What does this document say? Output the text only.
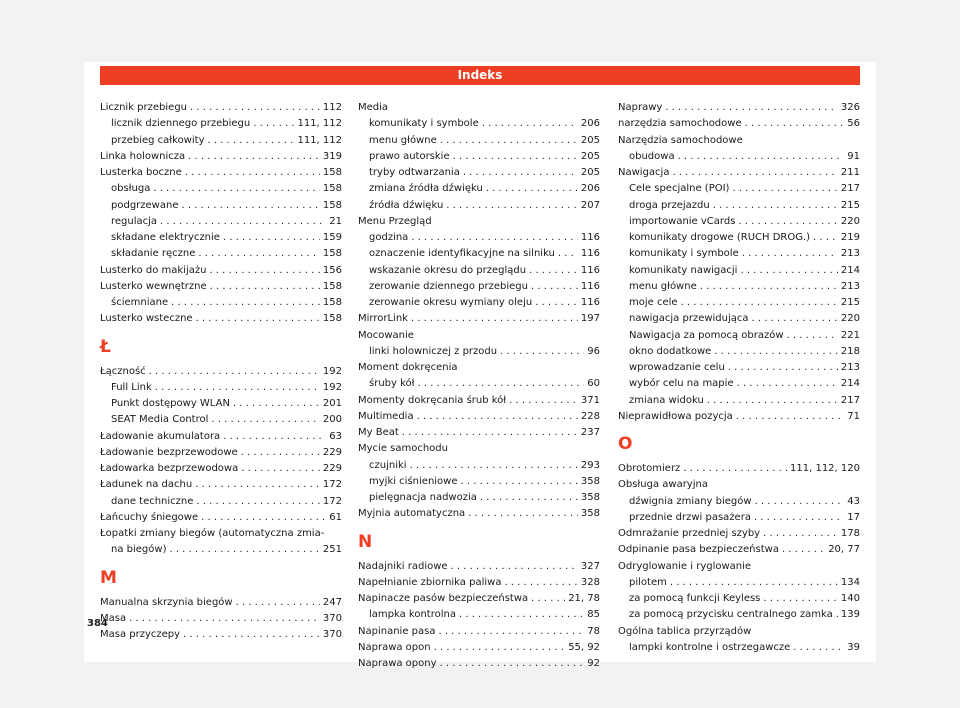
Indeks
Licznik przebiegu . . .	112
licznik dziennego przebiegu . . .	111, 112
przebieg całkowity . . .	111, 112
Linka holownicza . . .	319
Lusterka boczne . . .	158
obsługa . . .	158
podgrzewane . . .	158
regulacja . . .	21
składane elektrycznie . . .	159
składanie ręczne . . .	158
Lusterko do makijażu . . .	156
Lusterko wewnętrzne . . .	158
ściemniane . . .	158
Lusterko wsteczne . . .	158
Ł
Łączność . . .	192
Full Link . . .	192
Punkt dostępowy WLAN . . .	201
SEAT Media Control . . .	200
Ładowanie akumulatora . . .	63
Ładowanie bezprzewodowe . . .	229
Ładowarka bezprzewodowa . . .	229
Ładunek na dachu . . .	172
dane techniczne . . .	172
Łańcuchy śniegowe . . .	61
Łopatki zmiany biegów (automatyczna zmia-
na biegów) . . .	251
M
Manualna skrzynia biegów . . .	247
Masa . . .	370
Masa przyczepy . . .	370
Media
komunikaty i symbole . . .	206
menu główne . . .	205
prawo autorskie . . .	205
tryby odtwarzania . . .	205
zmiana źródła dźwięku . . .	206
źródła dźwięku . . .	207
Menu Przegląd
godzina . . .	116
oznaczenie identyfikacyjne na silniku . . .	116
wskazanie okresu do przeglądu . . .	116
zerowanie dziennego przebiegu . . .	116
zerowanie okresu wymiany oleju . . .	116
MirrorLink . . .	197
Mocowanie
linki holowniczej z przodu . . .	96
Moment dokręcenia
śruby kół . . .	60
Momenty dokręcania śrub kół . . .	371
Multimedia . . .	228
My Beat . . .	237
Mycie samochodu
czujniki . . .	293
myjki ciśnieniowe . . .	358
pielęgnacja nadwozia . . .	358
Myjnia automatyczna . . .	358
N
Nadajniki radiowe . . .	327
Napełnianie zbiornika paliwa . . .	328
Napinacze pasów bezpieczeństwa . . .	21, 78
lampka kontrolna . . .	85
Napinanie pasa . . .	78
Naprawa opon . . .	55, 92
Naprawa opony . . .	92
Naprawy . . .	326
narzędzia samochodowe . . .	56
Narzędzia samochodowe
obudowa . . .	91
Nawigacja . . .	211
Cele specjalne (POI) . . .	217
droga przejazdu . . .	215
importowanie vCards . . .	220
komunikaty drogowe (RUCH DROG.) . . .	219
komunikaty i symbole . . .	213
komunikaty nawigacji . . .	214
menu główne . . .	213
moje cele . . .	215
nawigacja przewidująca . . .	220
Nawigacja za pomocą obrazów . . .	221
okno dodatkowe . . .	218
wprowadzanie celu . . .	213
wybór celu na mapie . . .	214
zmiana widoku . . .	217
Nieprawidłowa pozycja . . .	71
O
Obrotomierz . . .	111, 112, 120
Obsługa awaryjna
dźwignia zmiany biegów . . .	43
przednie drzwi pasażera . . .	17
Odmrażanie przedniej szyby . . .	178
Odpinanie pasa bezpieczeństwa . . .	20, 77
Odryglowanie i ryglowanie
pilotem . . .	134
za pomocą funkcji Keyless . . .	140
za pomocą przycisku centralnego zamka . . . 139
Ogólna tablica przyrządów
lampki kontrolne i ostrzegawcze . . .	39
384
